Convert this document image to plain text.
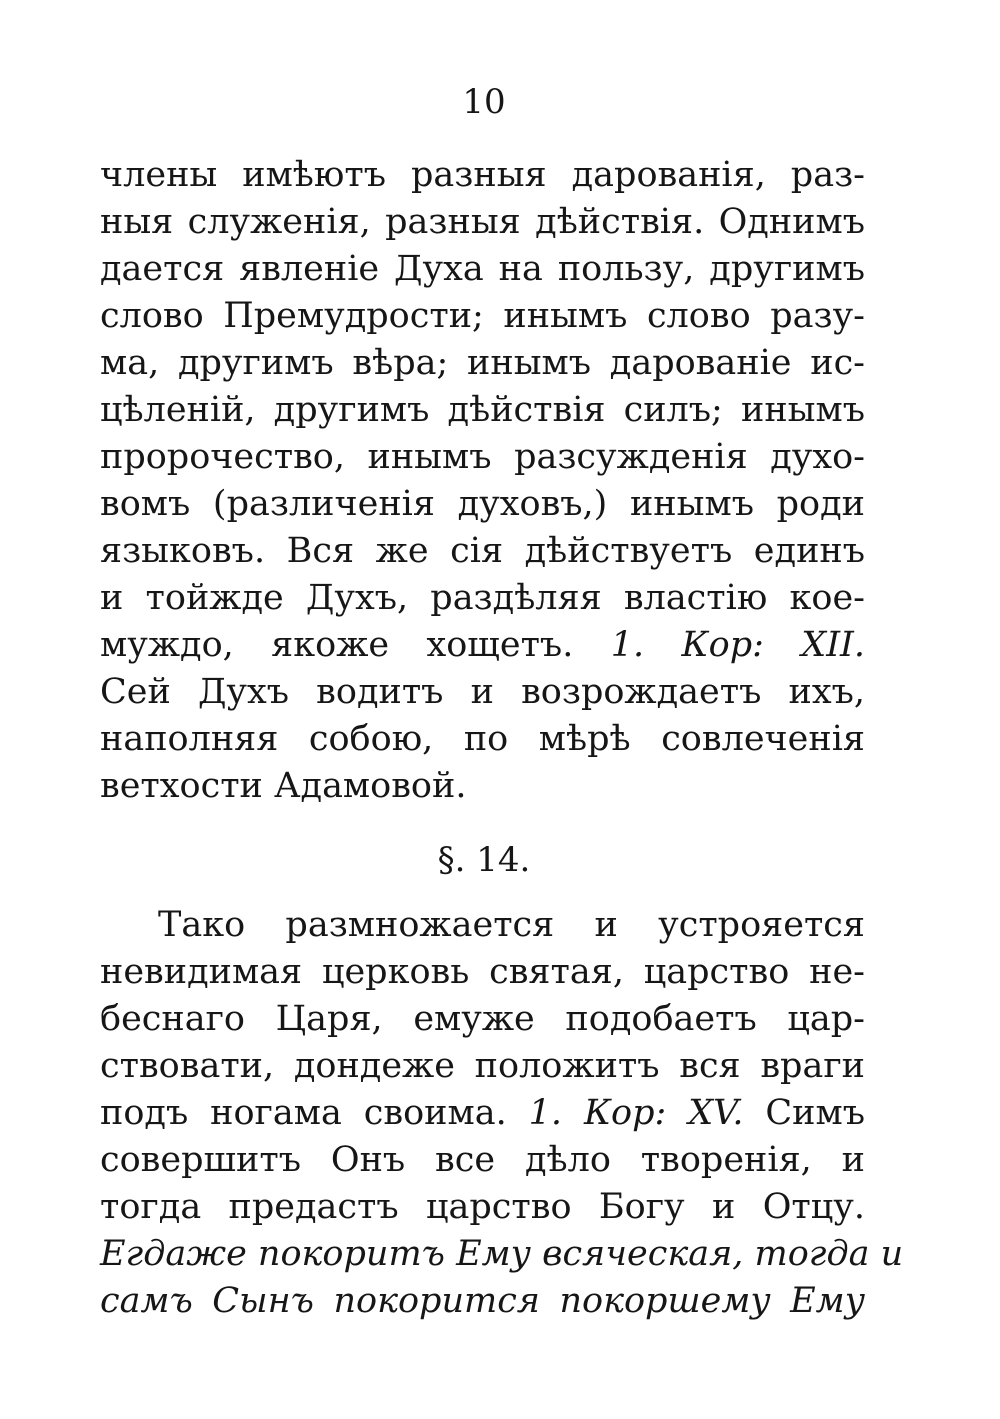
10
члены имѣютъ разныя дарованія, раз-
ныя служенія, разныя дѣйствія. Однимъ
дается явленіе Духа на пользу, другимъ
слово Премудрости; инымъ слово разу-
ма, другимъ вѣра; инымъ дарованіе ис-
цѣленій, другимъ дѣйствія силъ; инымъ
пророчество, инымъ разсужденія духо-
вомъ (различенія духовъ,) инымъ роди
языковъ. Вся же сія дѣйствуетъ единъ
и тойжде Духъ, раздѣляя властію кое-
муждо, якоже хощетъ. 1. Кор: XII.
Сей Духъ водитъ и возрождаетъ ихъ,
наполняя собою, по мѣрѣ совлеченія
ветхости Адамовой.
§. 14.
Тако размножается и устрояется
невидимая церковь святая, царство не-
беснаго Царя, емуже подобаетъ цар-
ствовати, дондеже положитъ вся враги
подъ ногама своима. 1. Кор: XV. Симъ
совершитъ Онъ все дѣло творенія, и
тогда предастъ царство Богу и Отцу.
Егдаже покоритъ Ему всяческая, тогда и
самъ Сынъ покорится покоршему Ему
